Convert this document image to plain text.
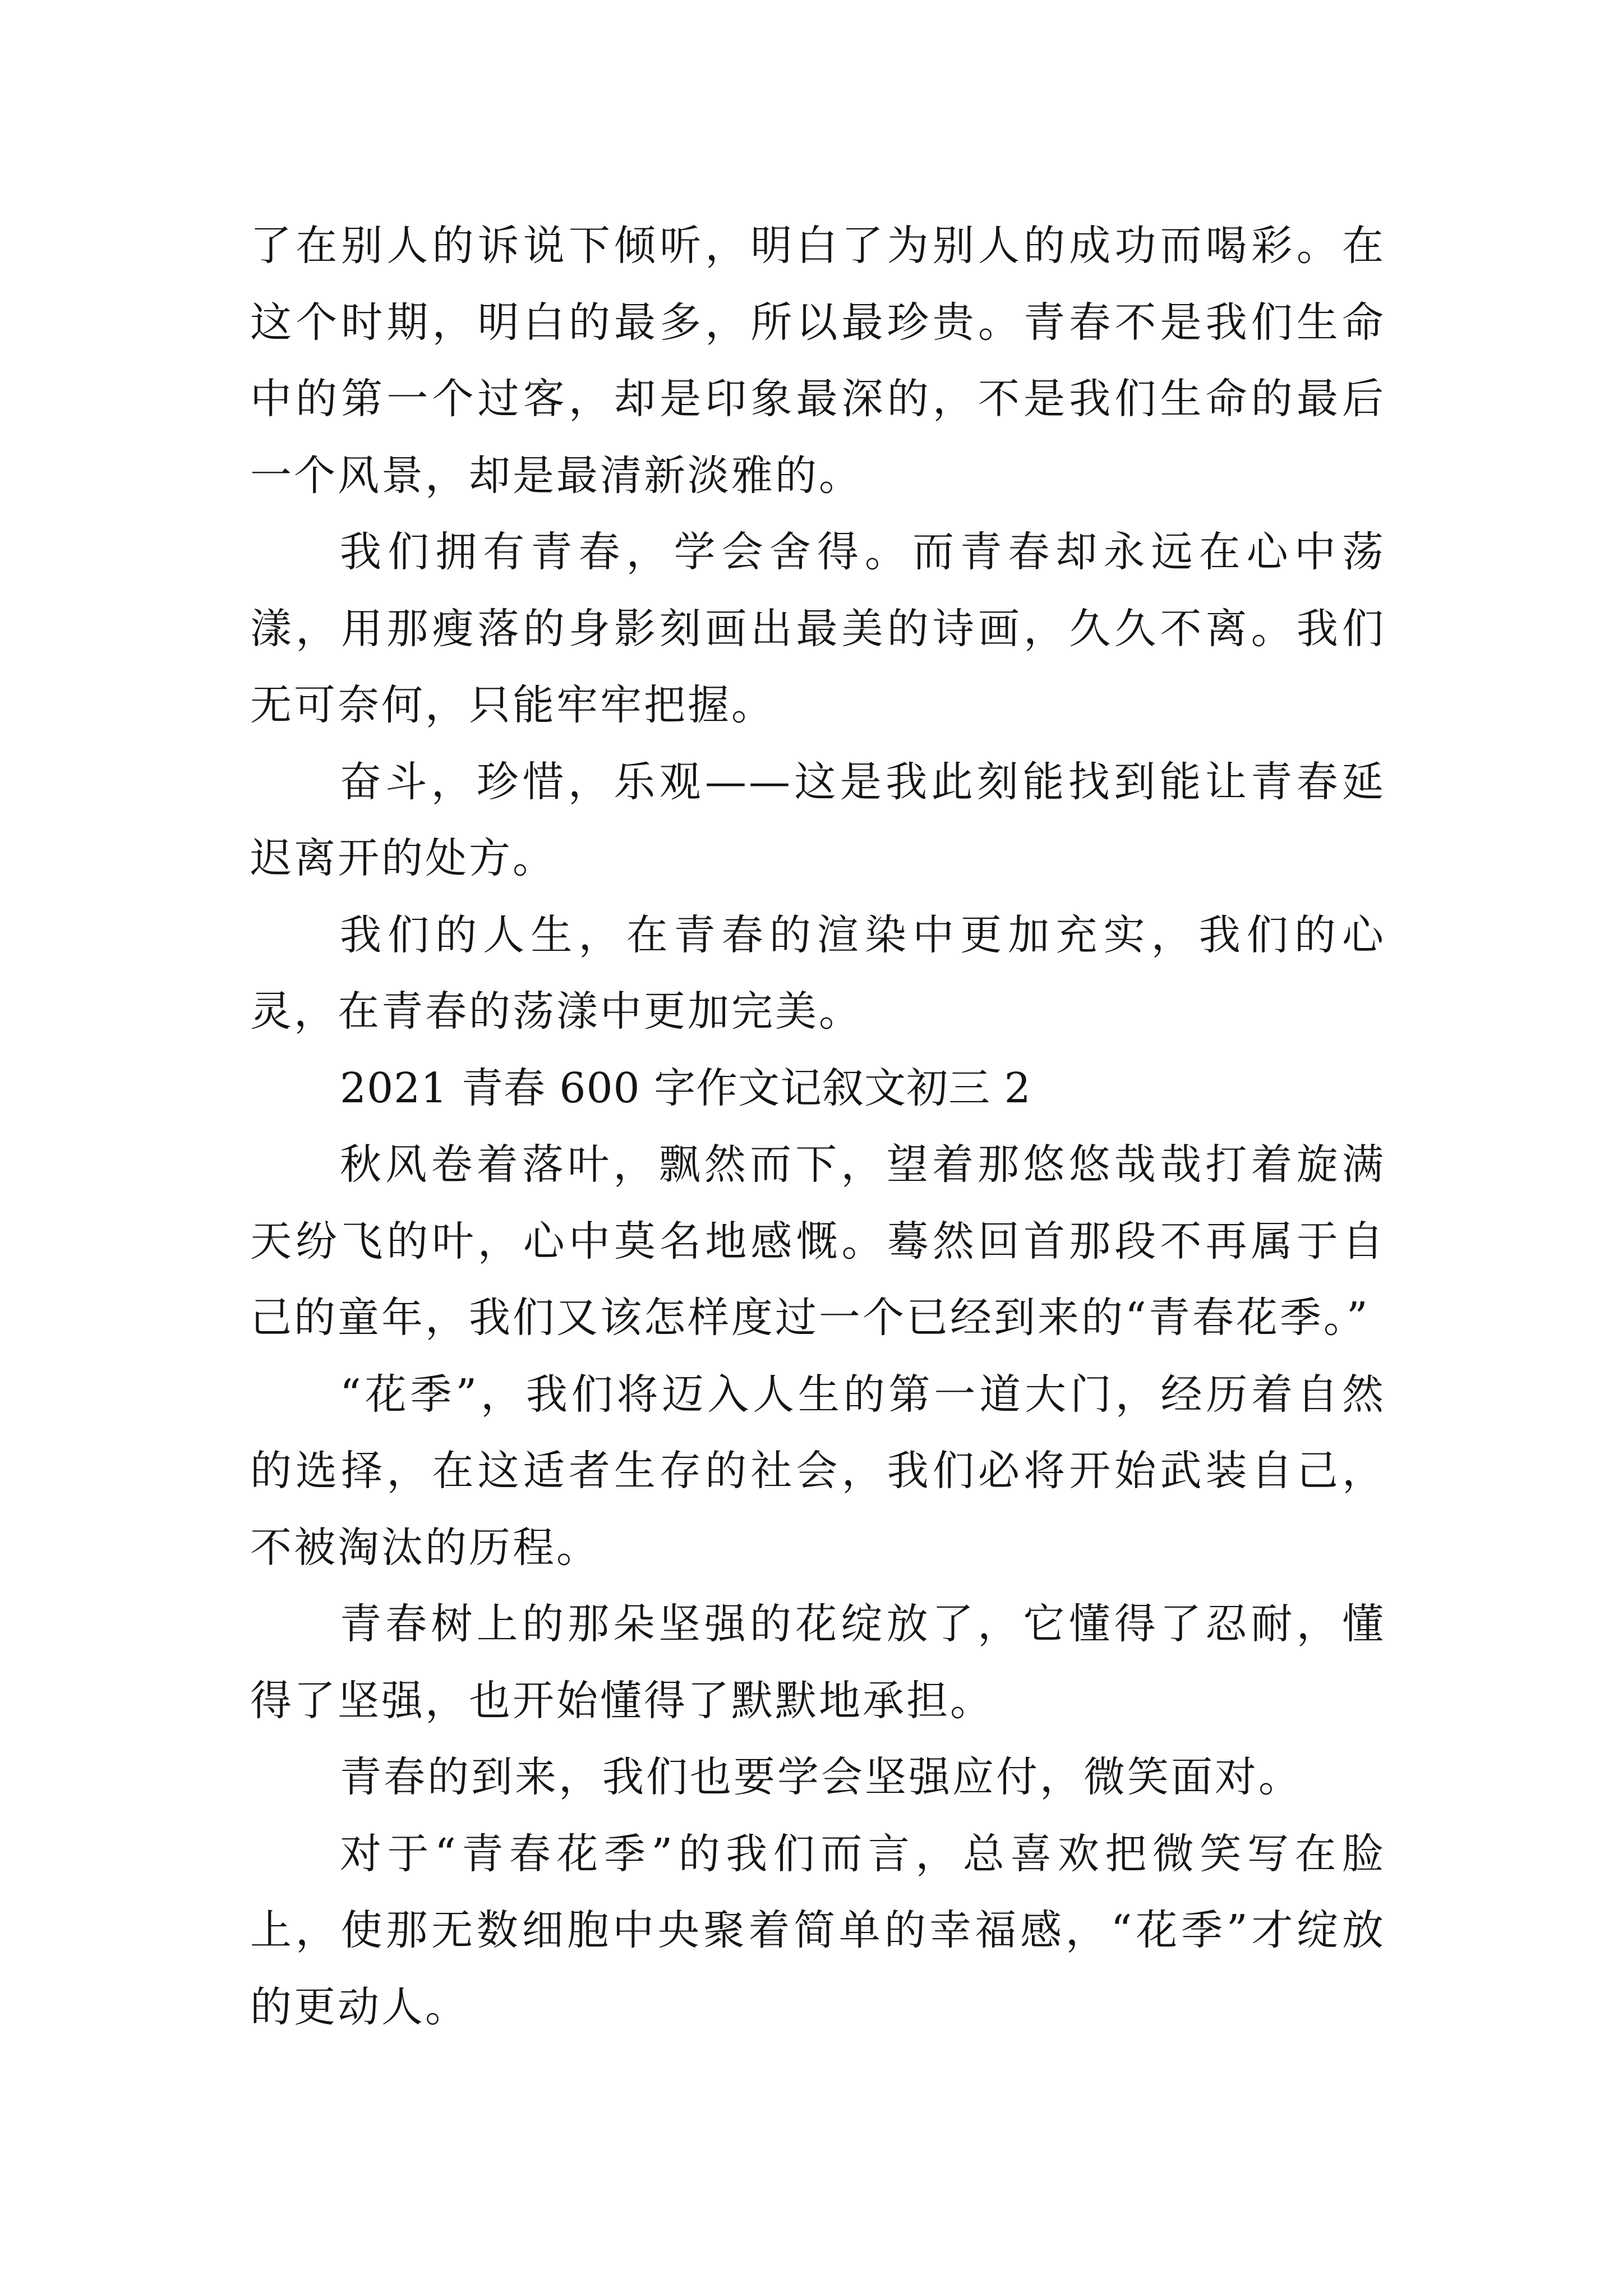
了在别人的诉说下倾听，明白了为别人的成功而喝彩。在这个时期，明白的最多，所以最珍贵。青春不是我们生命中的第一个过客，却是印象最深的，不是我们生命的最后一个风景，却是最清新淡雅的。

我们拥有青春，学会舍得。而青春却永远在心中荡漾，用那瘦落的身影刻画出最美的诗画，久久不离。我们无可奈何，只能牢牢把握。

奋斗，珍惜，乐观——这是我此刻能找到能让青春延迟离开的处方。

我们的人生，在青春的渲染中更加充实，我们的心灵，在青春的荡漾中更加完美。

2021 青春 600 字作文记叙文初三 2

秋风卷着落叶，飘然而下，望着那悠悠哉哉打着旋满天纷飞的叶，心中莫名地感慨。蓦然回首那段不再属于自己的童年，我们又该怎样度过一个已经到来的“青春花季。”

“花季”，我们将迈入人生的第一道大门，经历着自然的选择，在这适者生存的社会，我们必将开始武装自己，不被淘汰的历程。

青春树上的那朵坚强的花绽放了，它懂得了忍耐，懂得了坚强，也开始懂得了默默地承担。

青春的到来，我们也要学会坚强应付，微笑面对。

对于“青春花季”的我们而言，总喜欢把微笑写在脸上，使那无数细胞中央聚着简单的幸福感，“花季”才绽放的更动人。
